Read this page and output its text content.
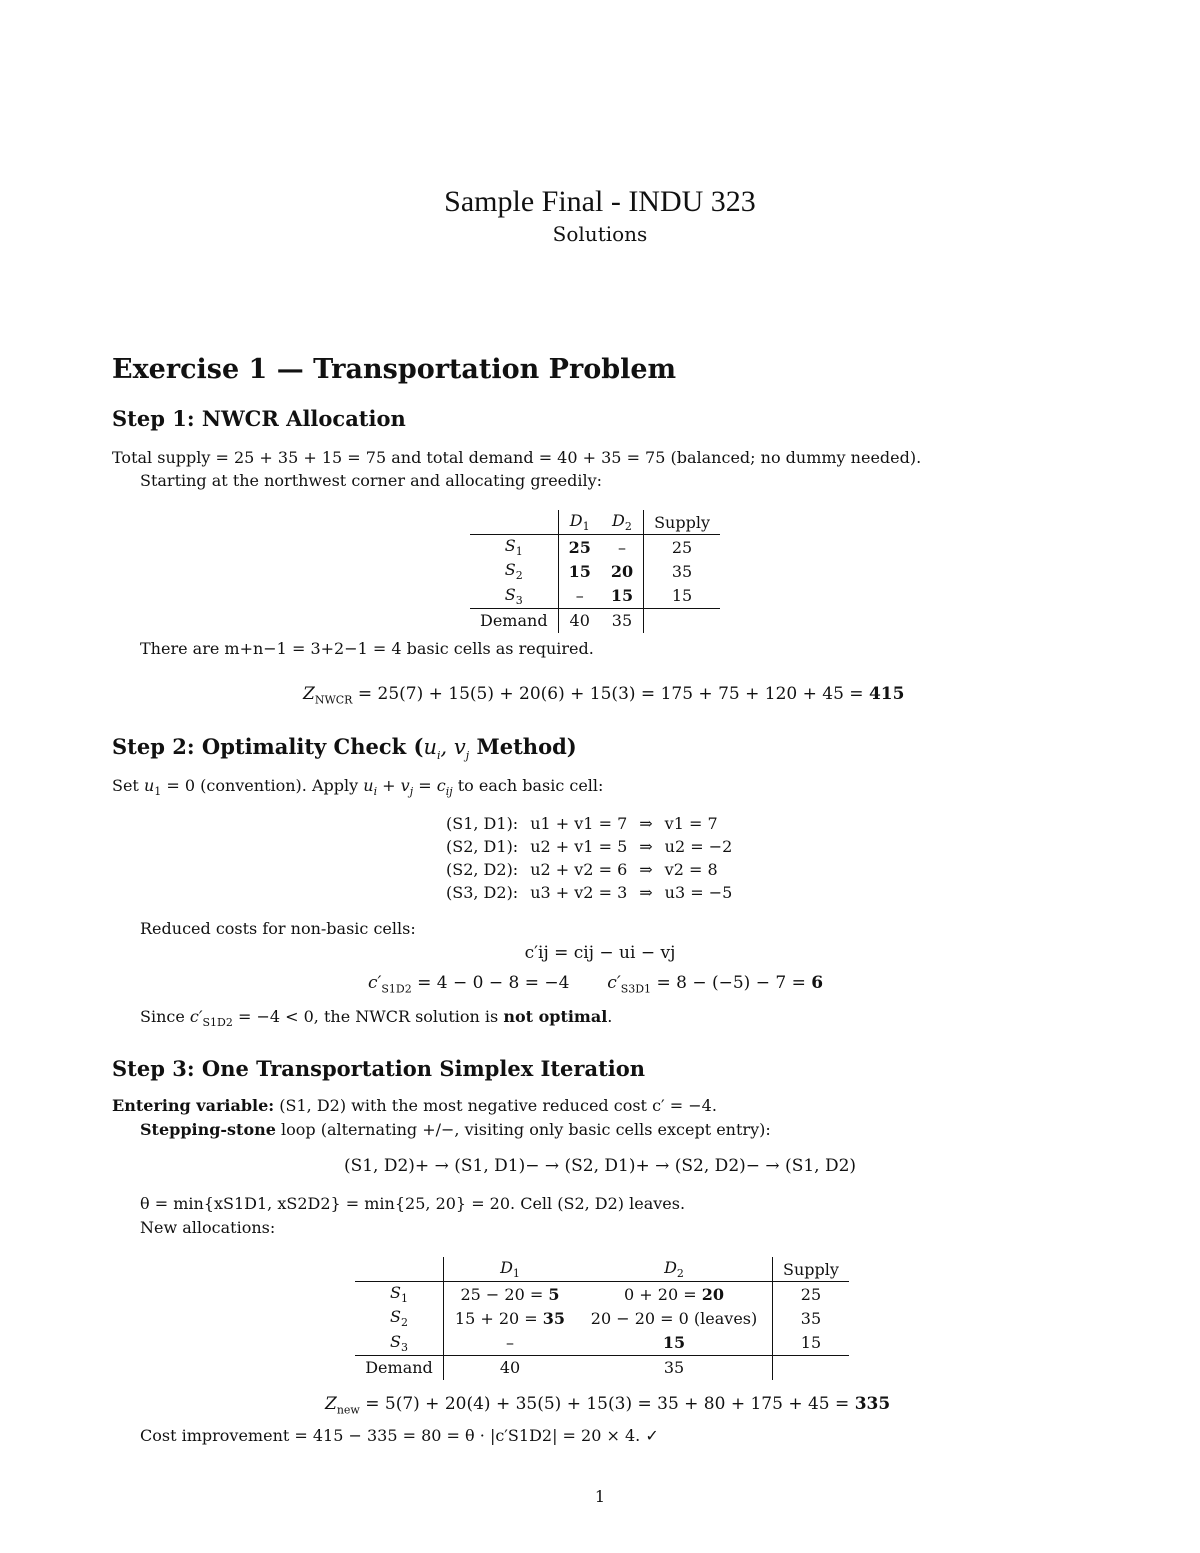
Sample Final - INDU 323
Solutions
Exercise 1 — Transportation Problem
Step 1: NWCR Allocation
Total supply = 25 + 35 + 15 = 75 and total demand = 40 + 35 = 75 (balanced; no dummy needed).
Starting at the northwest corner and allocating greedily:
	$D_1$	$D_2$	Supply
$S_1$	25	–	25
$S_2$	15	20	35
$S_3$	–	15	15
Demand	40	35	
There are m+n−1 = 3+2−1 = 4 basic cells as required.
$Z_{NWCR} = 25(7) + 15(5) + 20(6) + 15(3) = 175 + 75 + 120 + 45 = 415$
Step 2: Optimality Check ($u_i$, $v_j$ Method)
Set $u_1 = 0$ (convention). Apply $u_i + v_j = c_{ij}$ to each basic cell:
(S1, D1):	u1 + v1 = 7	⇒	v1 = 7
(S2, D1):	u2 + v1 = 5	⇒	u2 = −2
(S2, D2):	u2 + v2 = 6	⇒	v2 = 8
(S3, D2):	u3 + v2 = 3	⇒	u3 = −5
Reduced costs for non-basic cells:
c′ij = cij − ui − vj
$c'_{S1D2} = 4 - 0 - 8 = -4$ $c'_{S3D1} = 8 - (-5) - 7 = 6$
Since $c'_{S1D2} = -4 < 0$, the NWCR solution is not optimal.
Step 3: One Transportation Simplex Iteration
Entering variable: (S1, D2) with the most negative reduced cost c′ = −4.
Stepping-stone loop (alternating +/−, visiting only basic cells except entry):
(S1, D2)+ → (S1, D1)− → (S2, D1)+ → (S2, D2)− → (S1, D2)
θ = min{xS1D1, xS2D2} = min{25, 20} = 20. Cell (S2, D2) leaves.
New allocations:
	$D_1$	$D_2$	Supply
$S_1$	25 − 20 = 5	0 + 20 = 20	25
$S_2$	15 + 20 = 35	20 − 20 = 0 (leaves)	35
$S_3$	–	15	15
Demand	40	35	
$Z_{new} = 5(7) + 20(4) + 35(5) + 15(3) = 35 + 80 + 175 + 45 = 335$
Cost improvement = 415 − 335 = 80 = θ · |c′S1D2| = 20 × 4. ✓
1
